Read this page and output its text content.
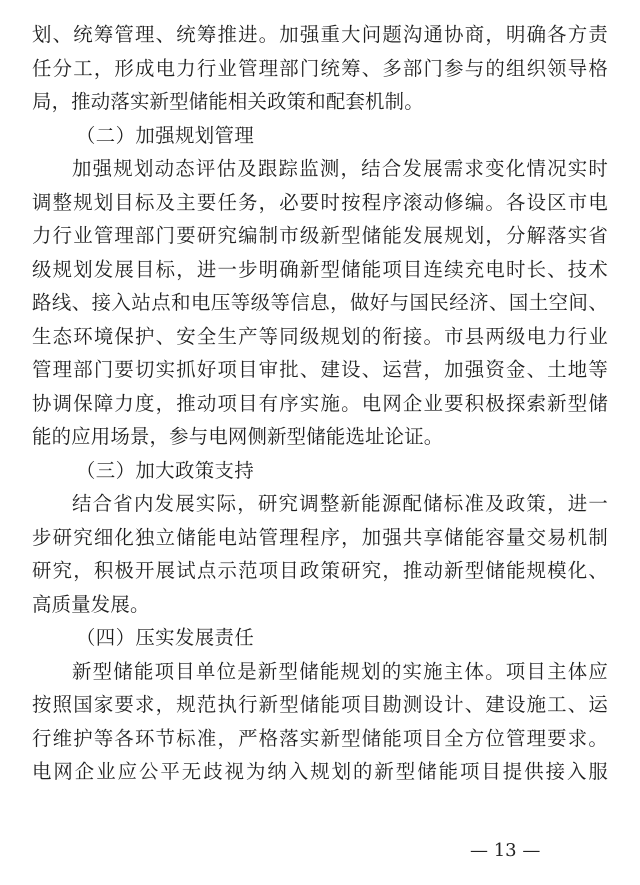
划、统筹管理、统筹推进。加强重大问题沟通协商，明确各方责
任分工，形成电力行业管理部门统筹、多部门参与的组织领导格
局，推动落实新型储能相关政策和配套机制。
（二）加强规划管理
加强规划动态评估及跟踪监测，结合发展需求变化情况实时
调整规划目标及主要任务，必要时按程序滚动修编。各设区市电
力行业管理部门要研究编制市级新型储能发展规划，分解落实省
级规划发展目标，进一步明确新型储能项目连续充电时长、技术
路线、接入站点和电压等级等信息，做好与国民经济、国土空间、
生态环境保护、安全生产等同级规划的衔接。市县两级电力行业
管理部门要切实抓好项目审批、建设、运营，加强资金、土地等
协调保障力度，推动项目有序实施。电网企业要积极探索新型储
能的应用场景，参与电网侧新型储能选址论证。
（三）加大政策支持
结合省内发展实际，研究调整新能源配储标准及政策，进一
步研究细化独立储能电站管理程序，加强共享储能容量交易机制
研究，积极开展试点示范项目政策研究，推动新型储能规模化、
高质量发展。
（四）压实发展责任
新型储能项目单位是新型储能规划的实施主体。项目主体应
按照国家要求，规范执行新型储能项目勘测设计、建设施工、运
行维护等各环节标准，严格落实新型储能项目全方位管理要求。
电网企业应公平无歧视为纳入规划的新型储能项目提供接入服
— 13 —
